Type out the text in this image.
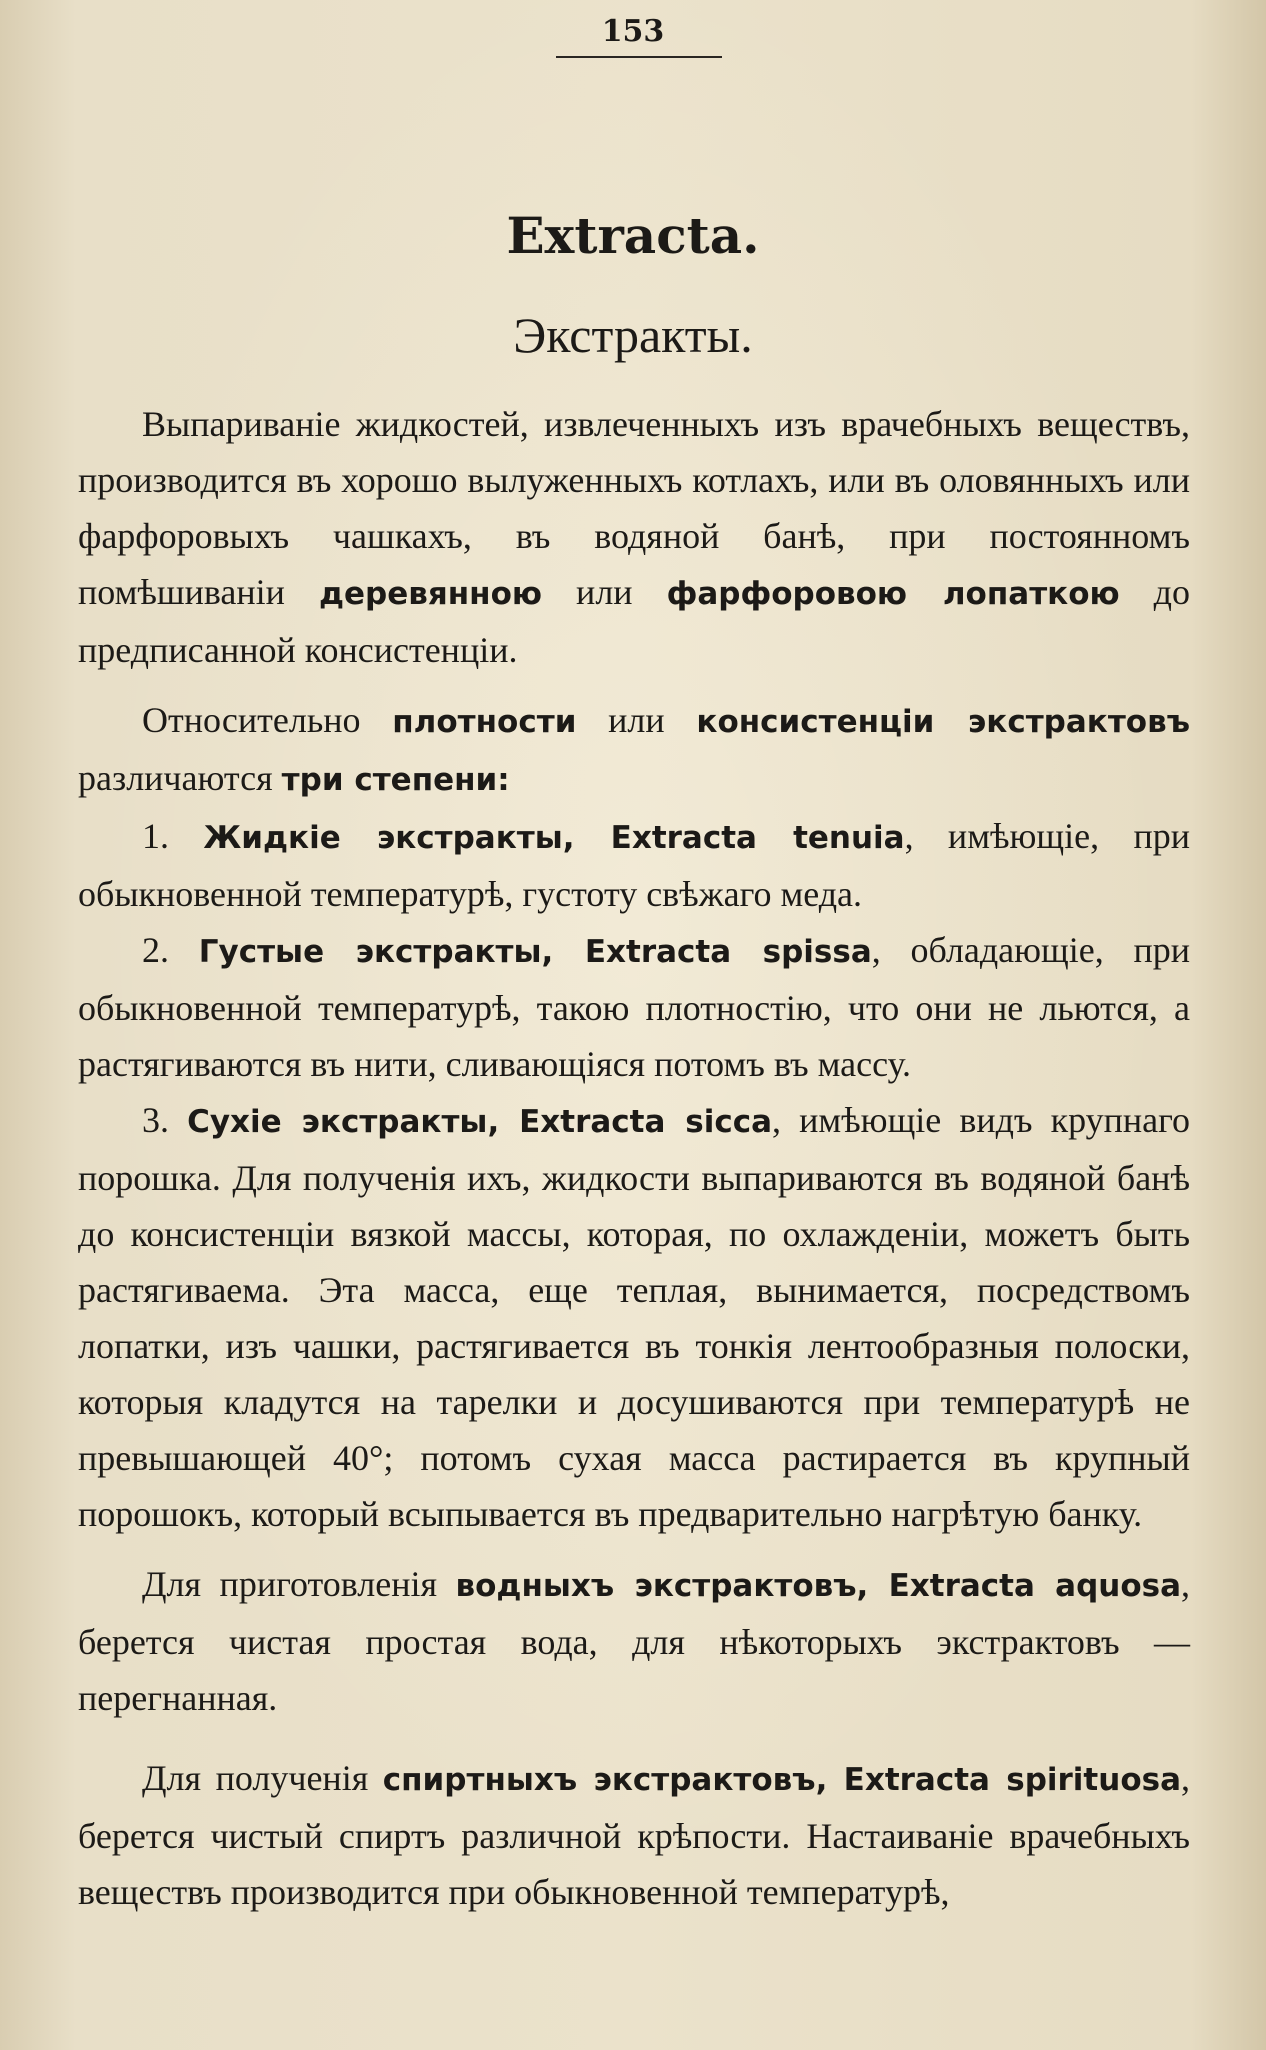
153
Extracta.
Экстракты.

Выпариванiе жидкостей, извлеченныхъ изъ врачебныхъ веществъ, производится въ хорошо вылуженныхъ котлахъ, или въ оловянныхъ или фарфоровыхъ чашкахъ, въ водяной банѣ, при постоянномъ помѣшиванiи деревянною или фарфоровою лопаткою до предписанной консистенцiи.

Относительно плотности или консистенцiи экстрактовъ различаются три степени:

1. Жидкiе экстракты, Extracta tenuia, имѣющiе, при обыкновенной температурѣ, густоту свѣжаго меда.

2. Густые экстракты, Extracta spissa, обладающiе, при обыкновенной температурѣ, такою плотностiю, что они не льются, а растягиваются въ нити, сливающiяся потомъ въ массу.

3. Сухiе экстракты, Extracta sicca, имѣющiе видъ крупнаго порошка. Для полученiя ихъ, жидкости выпариваются въ водяной банѣ до консистенцiи вязкой массы, которая, по охлажденiи, можетъ быть растягиваема. Эта масса, еще теплая, вынимается, посредствомъ лопатки, изъ чашки, растягивается въ тонкiя лентообразныя полоски, которыя кладутся на тарелки и досушиваются при температурѣ не превышающей 40°; потомъ сухая масса растирается въ крупный порошокъ, который всыпывается въ предварительно нагрѣтую банку.

Для приготовленiя водныхъ экстрактовъ, Extracta aquosa, берется чистая простая вода, для нѣкоторыхъ экстрактовъ — перегнанная.

Для полученiя спиртныхъ экстрактовъ, Extracta spirituosa, берется чистый спиртъ различной крѣпости. Настаиванiе врачебныхъ веществъ производится при обыкновенной температурѣ,
